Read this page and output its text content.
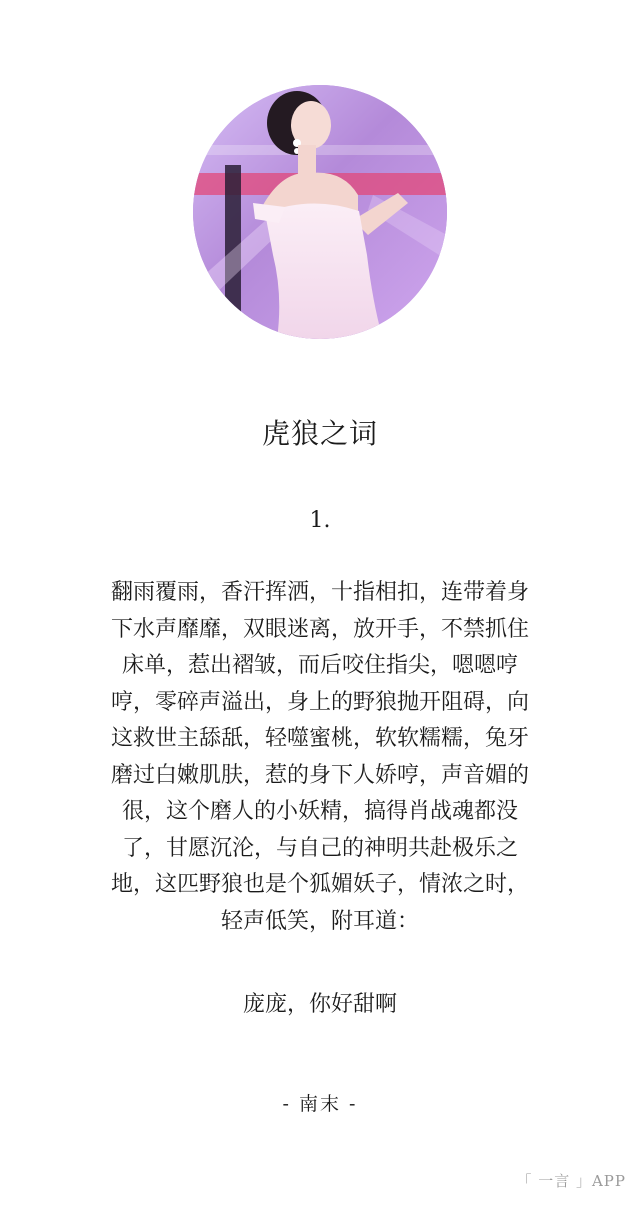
虎狼之词
1.
翻雨覆雨，香汗挥洒，十指相扣，连带着身
下水声靡靡，双眼迷离，放开手，不禁抓住
床单，惹出褶皱，而后咬住指尖，嗯嗯哼
哼，零碎声溢出，身上的野狼抛开阻碍，向
这救世主舔舐，轻噬蜜桃，软软糯糯，兔牙
磨过白嫩肌肤，惹的身下人娇哼，声音媚的
很，这个磨人的小妖精，搞得肖战魂都没
了，甘愿沉沦，与自己的神明共赴极乐之
地，这匹野狼也是个狐媚妖子，情浓之时，
轻声低笑，附耳道：
庞庞，你好甜啊
- 南末 -
「 一言 」APP
